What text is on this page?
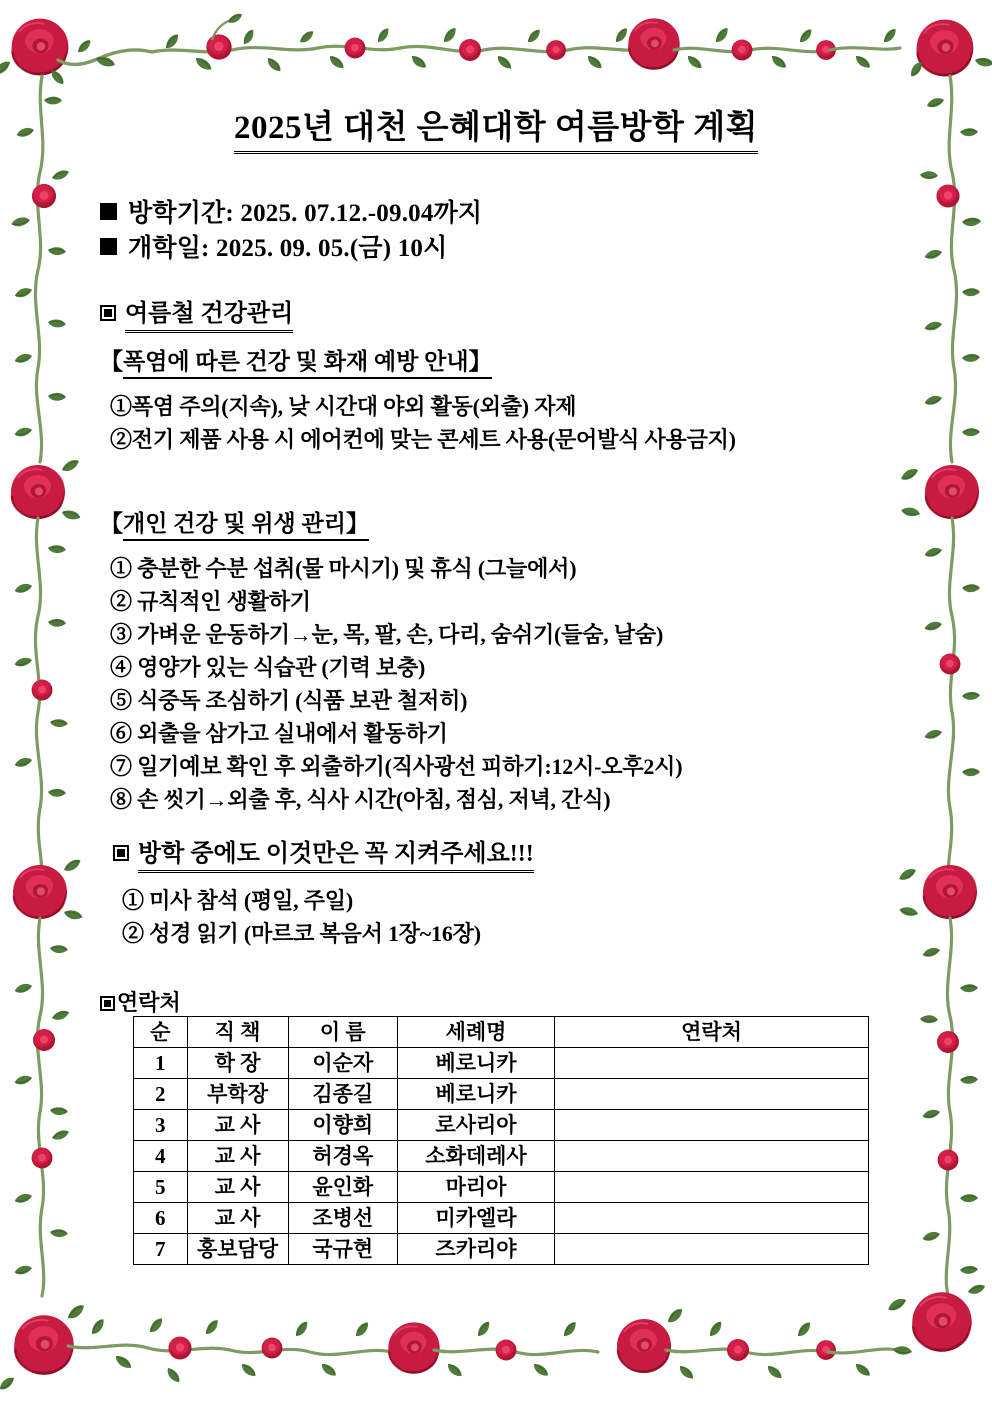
2025년 대천 은혜대학 여름방학 계획
방학기간: 2025. 07.12.-09.04까지
개학일: 2025. 09. 05.(금) 10시
여름철 건강관리
【폭염에 따른 건강 및 화재 예방 안내】
①폭염 주의(지속), 낮 시간대 야외 활동(외출) 자제
②전기 제품 사용 시 에어컨에 맞는 콘세트 사용(문어발식 사용금지)
【개인 건강 및 위생 관리】
① 충분한 수분 섭취(물 마시기) 및 휴식 (그늘에서)
② 규칙적인 생활하기
③ 가벼운 운동하기→눈, 목, 팔, 손, 다리, 숨쉬기(들숨, 날숨)
④ 영양가 있는 식습관 (기력 보충)
⑤ 식중독 조심하기 (식품 보관 철저히)
⑥ 외출을 삼가고 실내에서 활동하기
⑦ 일기예보 확인 후 외출하기(직사광선 피하기:12시-오후2시)
⑧ 손 씻기→외출 후, 식사 시간(아침, 점심, 저녁, 간식)
방학 중에도 이것만은 꼭 지켜주세요!!!
① 미사 참석 (평일, 주일)
② 성경 읽기 (마르코 복음서 1장~16장)
연락처
순	직 책	이 름	세례명	연락처
1	학 장	이순자	베로니카	
2	부학장	김종길	베로니카	
3	교 사	이향희	로사리아	
4	교 사	허경옥	소화데레사	
5	교 사	윤인화	마리아	
6	교 사	조병선	미카엘라	
7	홍보담당	국규현	즈카리야	
